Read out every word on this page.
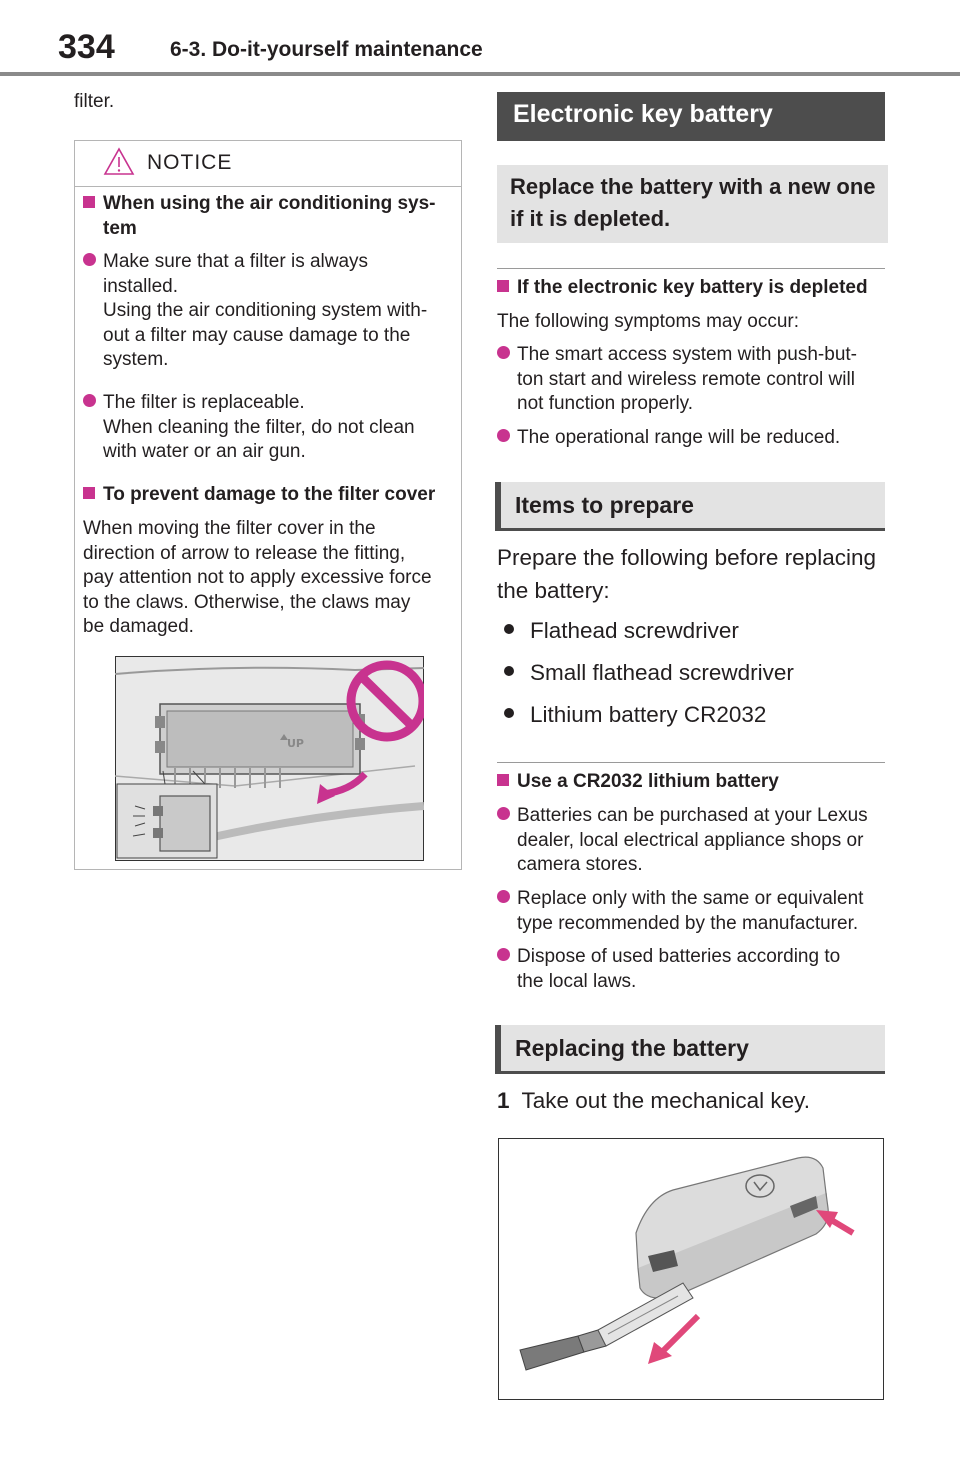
334	6-3. Do-it-yourself maintenance
filter.
NOTICE
When using the air conditioning sys-
tem
Make sure that a filter is always
installed.
Using the air conditioning system with-
out a filter may cause damage to the
system.
The filter is replaceable.
When cleaning the filter, do not clean
with water or an air gun.
To prevent damage to the filter cover
When moving the filter cover in the
direction of arrow to release the fitting,
pay attention not to apply excessive force
to the claws. Otherwise, the claws may
be damaged.
UP
Electronic key battery
Replace the battery with a new one
if it is depleted.
If the electronic key battery is depleted
The following symptoms may occur:
The smart access system with push-but-
ton start and wireless remote control will
not function properly.
The operational range will be reduced.
Items to prepare
Prepare the following before replacing
the battery:
Flathead screwdriver
Small flathead screwdriver
Lithium battery CR2032
Use a CR2032 lithium battery
Batteries can be purchased at your Lexus
dealer, local electrical appliance shops or
camera stores.
Replace only with the same or equivalent
type recommended by the manufacturer.
Dispose of used batteries according to
the local laws.
Replacing the battery
1 Take out the mechanical key.
